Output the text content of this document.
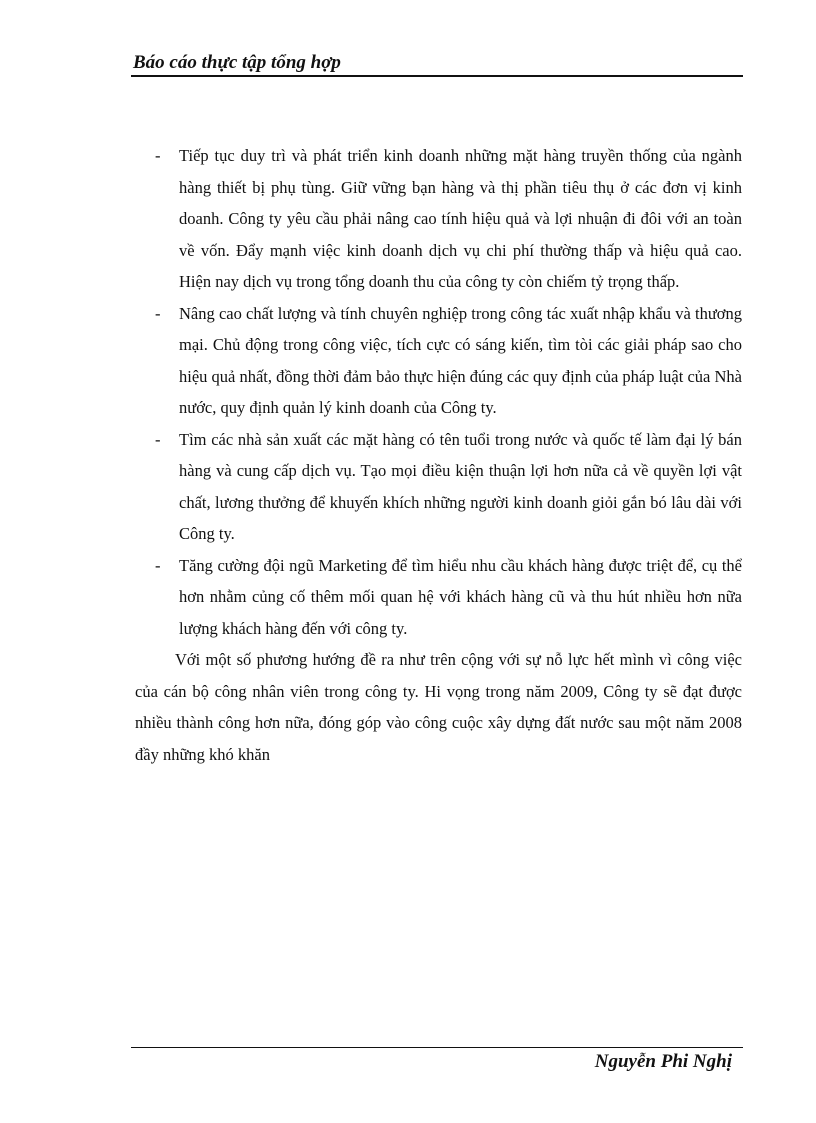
Báo cáo thực tập tổng hợp

- Tiếp tục duy trì và phát triển kinh doanh những mặt hàng truyền thống của ngành hàng thiết bị phụ tùng. Giữ vững bạn hàng và thị phần tiêu thụ ở các đơn vị kinh doanh. Công ty yêu cầu phải nâng cao tính hiệu quả và lợi nhuận đi đôi với an toàn về vốn. Đẩy mạnh việc kinh doanh dịch vụ chi phí thường thấp và hiệu quả cao. Hiện nay dịch vụ trong tổng doanh thu của công ty còn chiếm tỷ trọng thấp.

- Nâng cao chất lượng và tính chuyên nghiệp trong công tác xuất nhập khẩu và thương mại. Chủ động trong công việc, tích cực có sáng kiến, tìm tòi các giải pháp sao cho hiệu quả nhất, đồng thời đảm bảo thực hiện đúng các quy định của pháp luật của Nhà nước, quy định quản lý kinh doanh của Công ty.

- Tìm các nhà sản xuất các mặt hàng có tên tuổi trong nước và quốc tế làm đại lý bán hàng và cung cấp dịch vụ. Tạo mọi điều kiện thuận lợi hơn nữa cả về quyền lợi vật chất, lương thưởng để khuyến khích những người kinh doanh giỏi gắn bó lâu dài với Công ty.

- Tăng cường đội ngũ Marketing để tìm hiểu nhu cầu khách hàng được triệt để, cụ thể hơn nhằm củng cố thêm mối quan hệ với khách hàng cũ và thu hút nhiều hơn nữa lượng khách hàng đến với công ty.

Với một số phương hướng đề ra như trên cộng với sự nỗ lực hết mình vì công việc của cán bộ công nhân viên trong công ty. Hi vọng trong năm 2009, Công ty sẽ đạt được nhiều thành công hơn nữa, đóng góp vào công cuộc xây dựng đất nước sau một năm 2008 đầy những khó khăn

Nguyễn Phi Nghị
